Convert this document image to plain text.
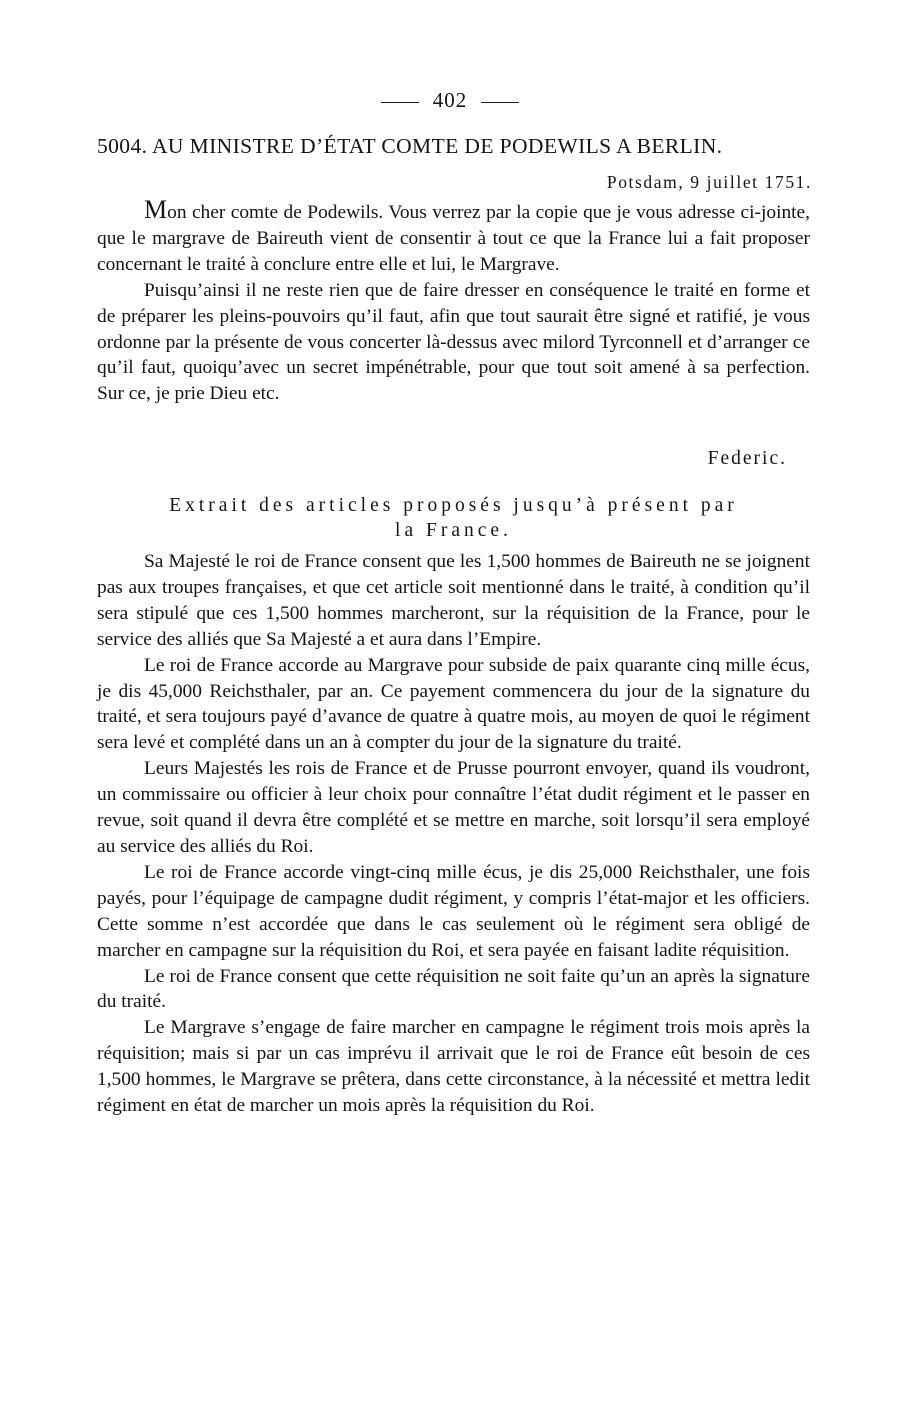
402
5004. AU MINISTRE D’ÉTAT COMTE DE PODEWILS A BERLIN.
Potsdam, 9 juillet 1751.

Mon cher comte de Podewils. Vous verrez par la copie que je vous adresse ci-jointe, que le margrave de Baireuth vient de consentir à tout ce que la France lui a fait proposer concernant le traité à conclure entre elle et lui, le Margrave.

Puisqu’ainsi il ne reste rien que de faire dresser en conséquence le traité en forme et de préparer les pleins-pouvoirs qu’il faut, afin que tout saurait être signé et ratifié, je vous ordonne par la présente de vous concerter là-dessus avec milord Tyrconnell et d’arranger ce qu’il faut, quoiqu’avec un secret impénétrable, pour que tout soit amené à sa perfection. Sur ce, je prie Dieu etc.

Federic.
Extrait des articles proposés jusqu’à présent par
la France.

Sa Majesté le roi de France consent que les 1,500 hommes de Baireuth ne se joignent pas aux troupes françaises, et que cet article soit mentionné dans le traité, à condition qu’il sera stipulé que ces 1,500 hommes marcheront, sur la réquisition de la France, pour le service des alliés que Sa Majesté a et aura dans l’Empire.

Le roi de France accorde au Margrave pour subside de paix quarante cinq mille écus, je dis 45,000 Reichsthaler, par an. Ce payement commencera du jour de la signature du traité, et sera toujours payé d’avance de quatre à quatre mois, au moyen de quoi le régiment sera levé et complété dans un an à compter du jour de la signature du traité.

Leurs Majestés les rois de France et de Prusse pourront envoyer, quand ils voudront, un commissaire ou officier à leur choix pour connaître l’état dudit régiment et le passer en revue, soit quand il devra être complété et se mettre en marche, soit lorsqu’il sera employé au service des alliés du Roi.

Le roi de France accorde vingt-cinq mille écus, je dis 25,000 Reichsthaler, une fois payés, pour l’équipage de campagne dudit régiment, y compris l’état-major et les officiers. Cette somme n’est accordée que dans le cas seulement où le régiment sera obligé de marcher en campagne sur la réquisition du Roi, et sera payée en faisant ladite réquisition.

Le roi de France consent que cette réquisition ne soit faite qu’un an après la signature du traité.

Le Margrave s’engage de faire marcher en campagne le régiment trois mois après la réquisition; mais si par un cas imprévu il arrivait que le roi de France eût besoin de ces 1,500 hommes, le Margrave se prêtera, dans cette circonstance, à la nécessité et mettra ledit régiment en état de marcher un mois après la réquisition du Roi.
